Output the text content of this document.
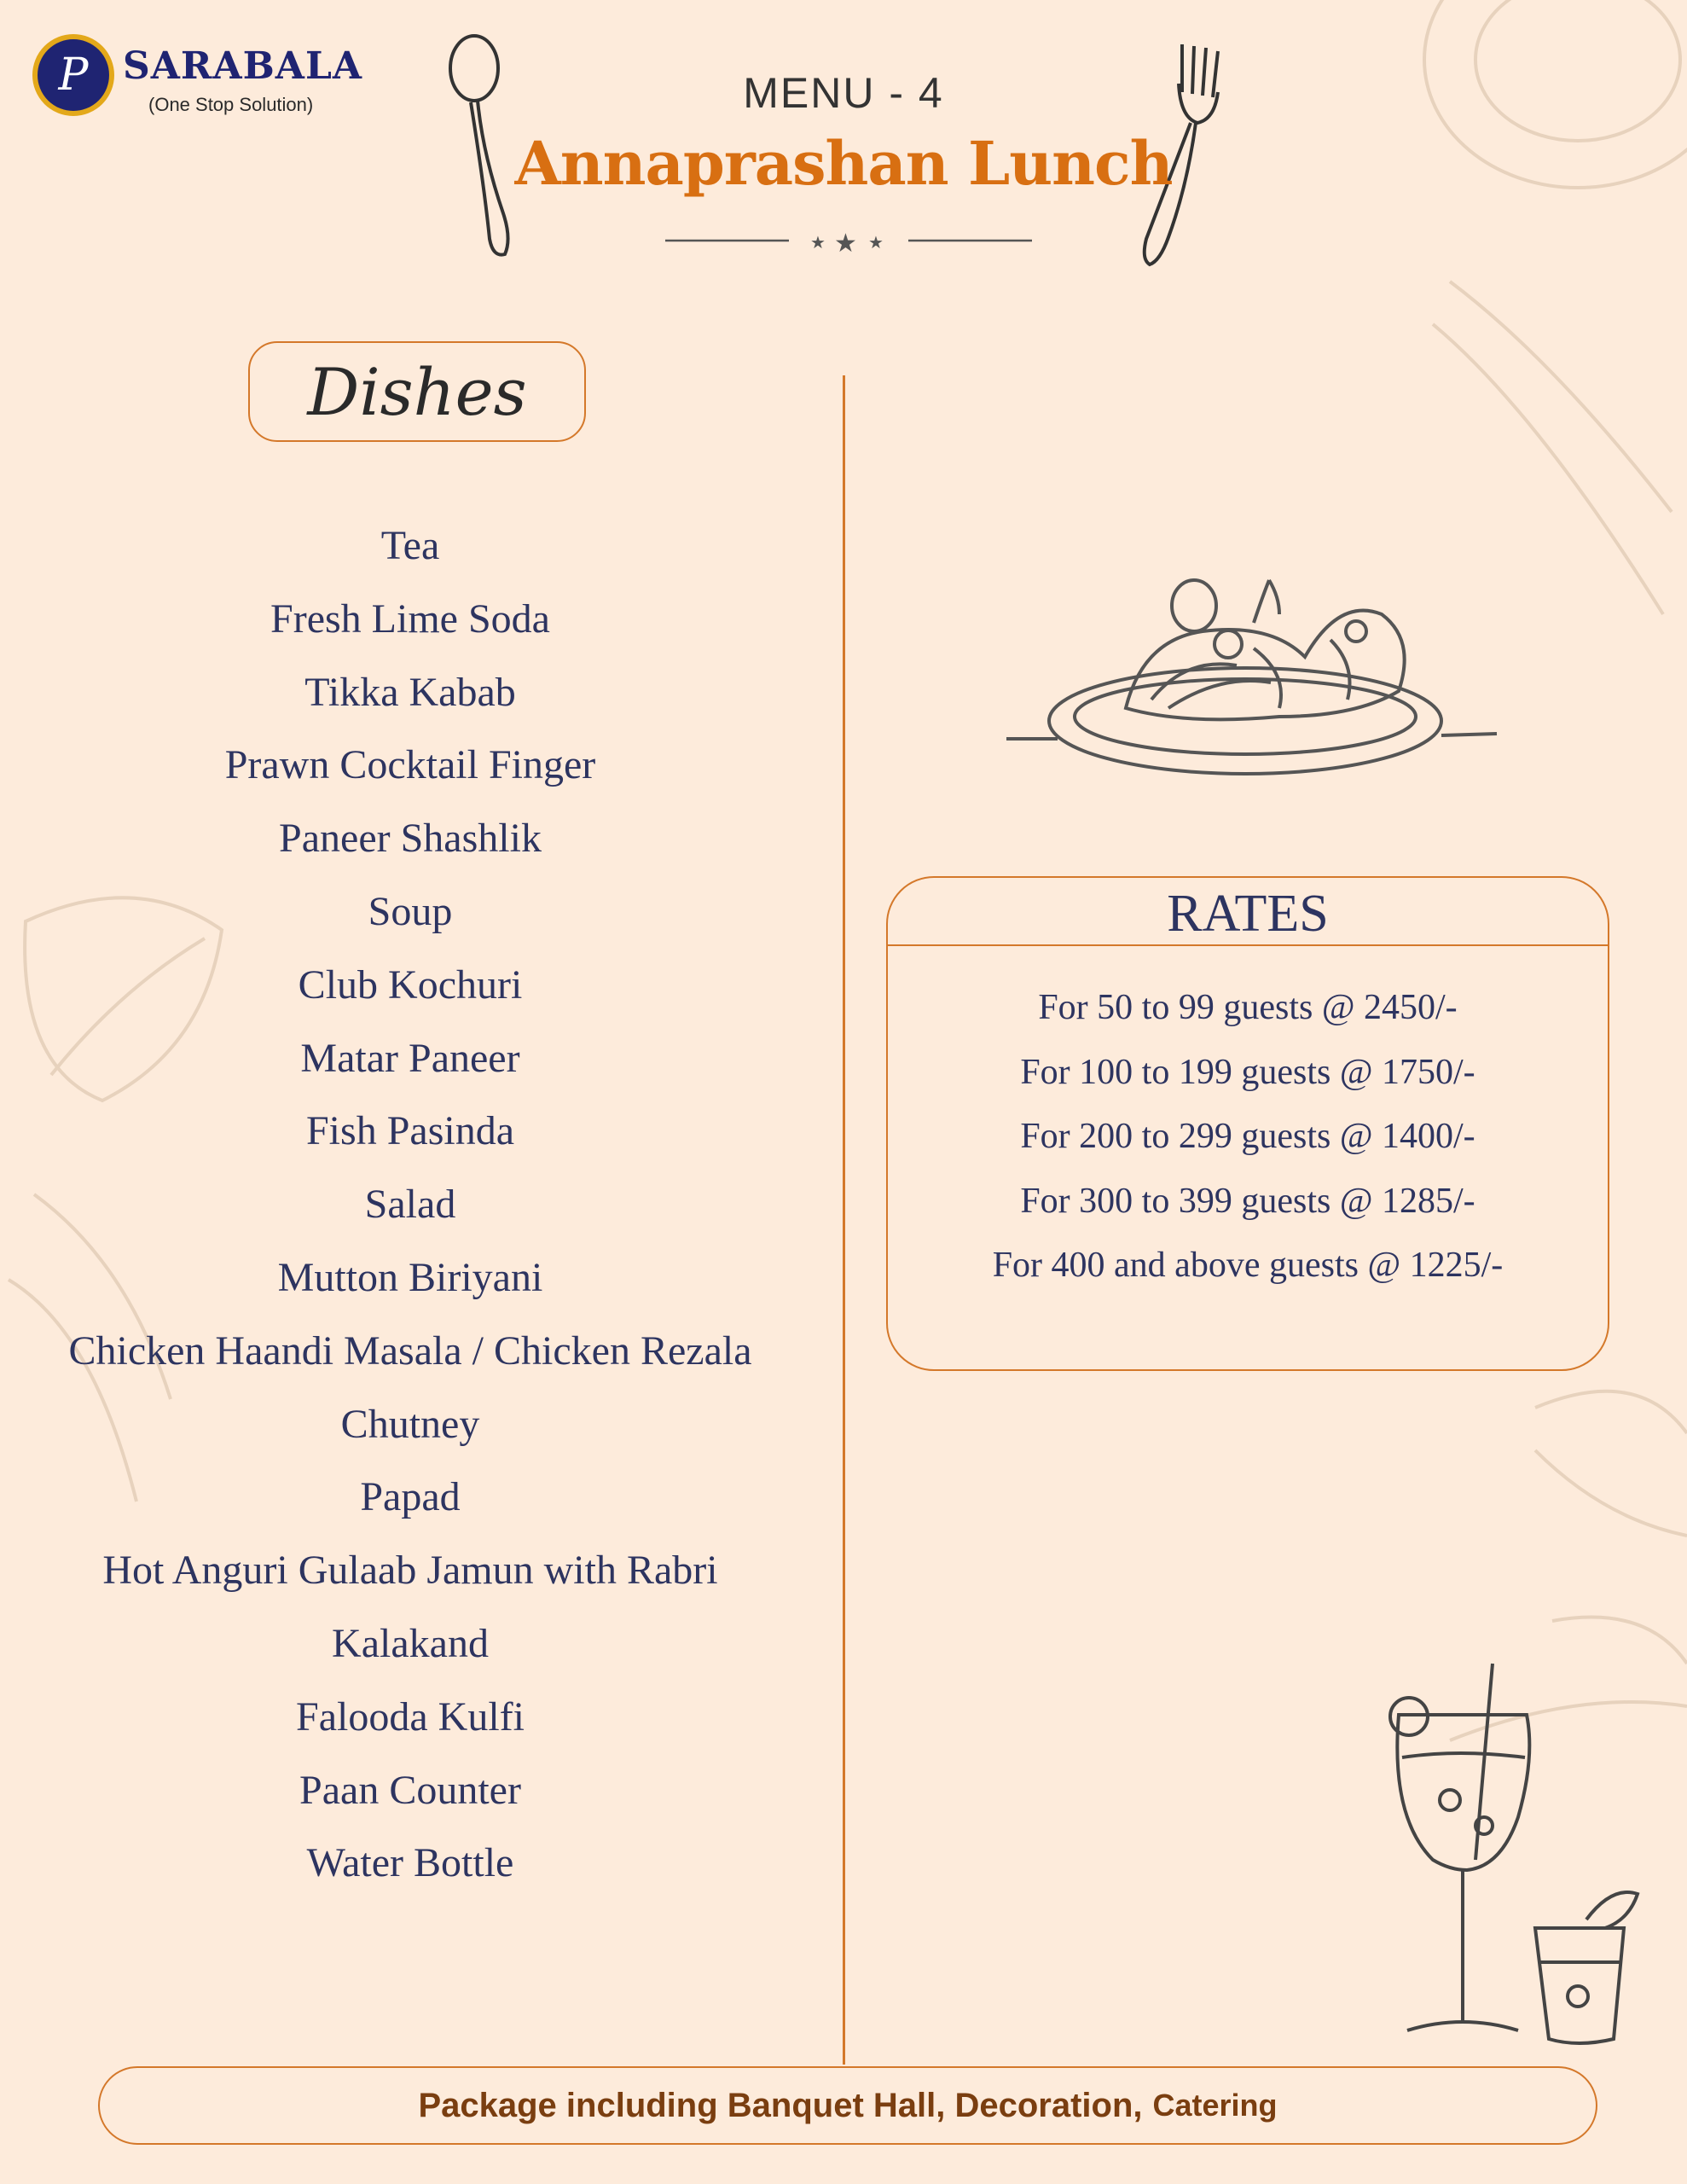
P SARABALA
(One Stop Solution)	MENU - 4
Annaprashan Lunch
★ ★ ★
Dishes
Tea
Fresh Lime Soda
Tikka Kabab
Prawn Cocktail Finger
Paneer Shashlik
Soup
Club Kochuri
Matar Paneer
Fish Pasinda
Salad
Mutton Biriyani
Chicken Haandi Masala / Chicken Rezala
Chutney
Papad
Hot Anguri Gulaab Jamun with Rabri
Kalakand
Falooda Kulfi
Paan Counter
Water Bottle
RATES
For 50 to 99 guests @ 2450/-
For 100 to 199 guests @ 1750/-
For 200 to 299 guests @ 1400/-
For 300 to 399 guests @ 1285/-
For 400 and above guests @ 1225/-
Package including Banquet Hall, Decoration, Catering
